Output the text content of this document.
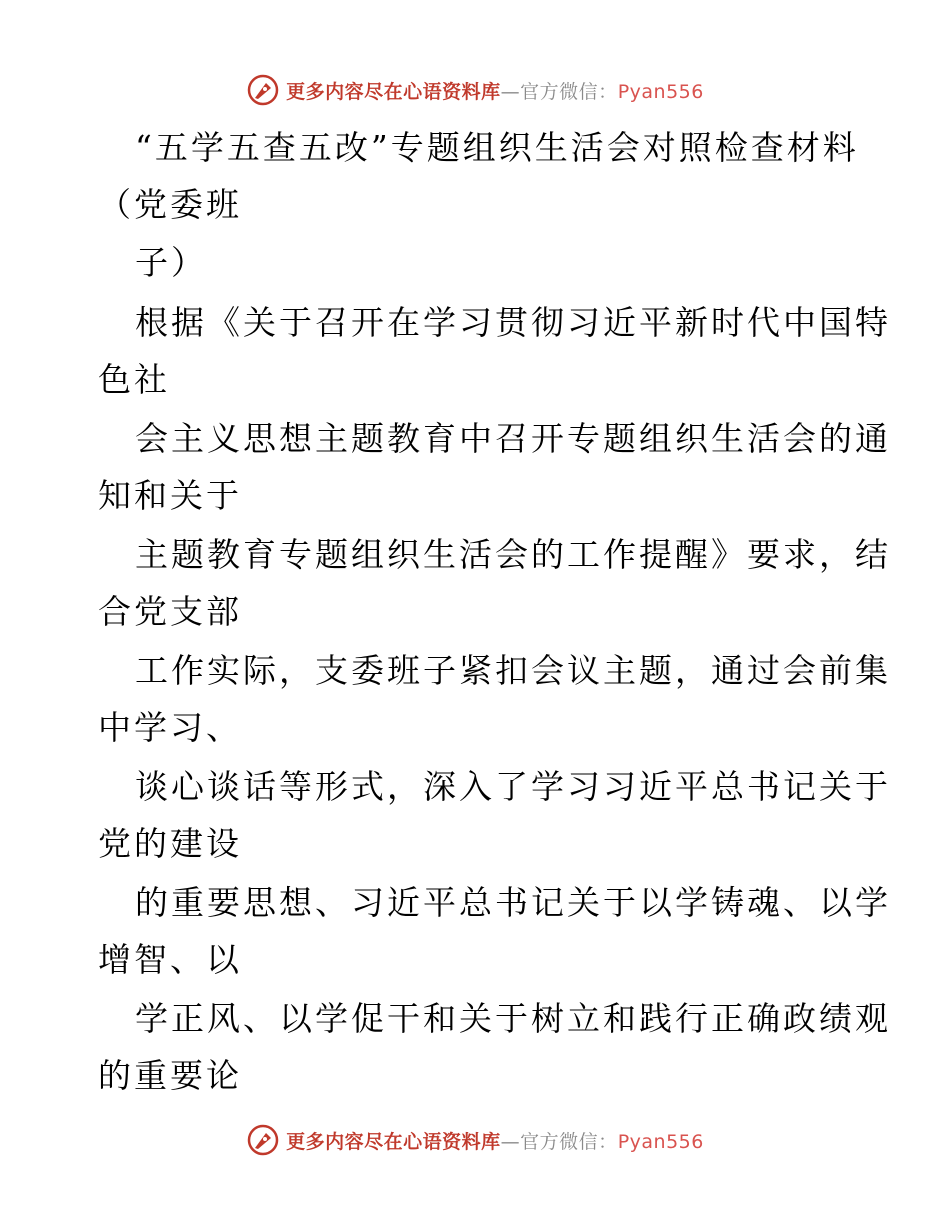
更多内容尽在心语资料库—官方微信：Pyan556
“五学五查五改”专题组织生活会对照检查材料
（党委班
子）
根据《关于召开在学习贯彻习近平新时代中国特
色社
会主义思想主题教育中召开专题组织生活会的通
知和关于
主题教育专题组织生活会的工作提醒》要求，结
合党支部
工作实际，支委班子紧扣会议主题，通过会前集
中学习、
谈心谈话等形式，深入了学习习近平总书记关于
党的建设
的重要思想、习近平总书记关于以学铸魂、以学
增智、以
学正风、以学促干和关于树立和践行正确政绩观
的重要论
更多内容尽在心语资料库—官方微信：Pyan556
